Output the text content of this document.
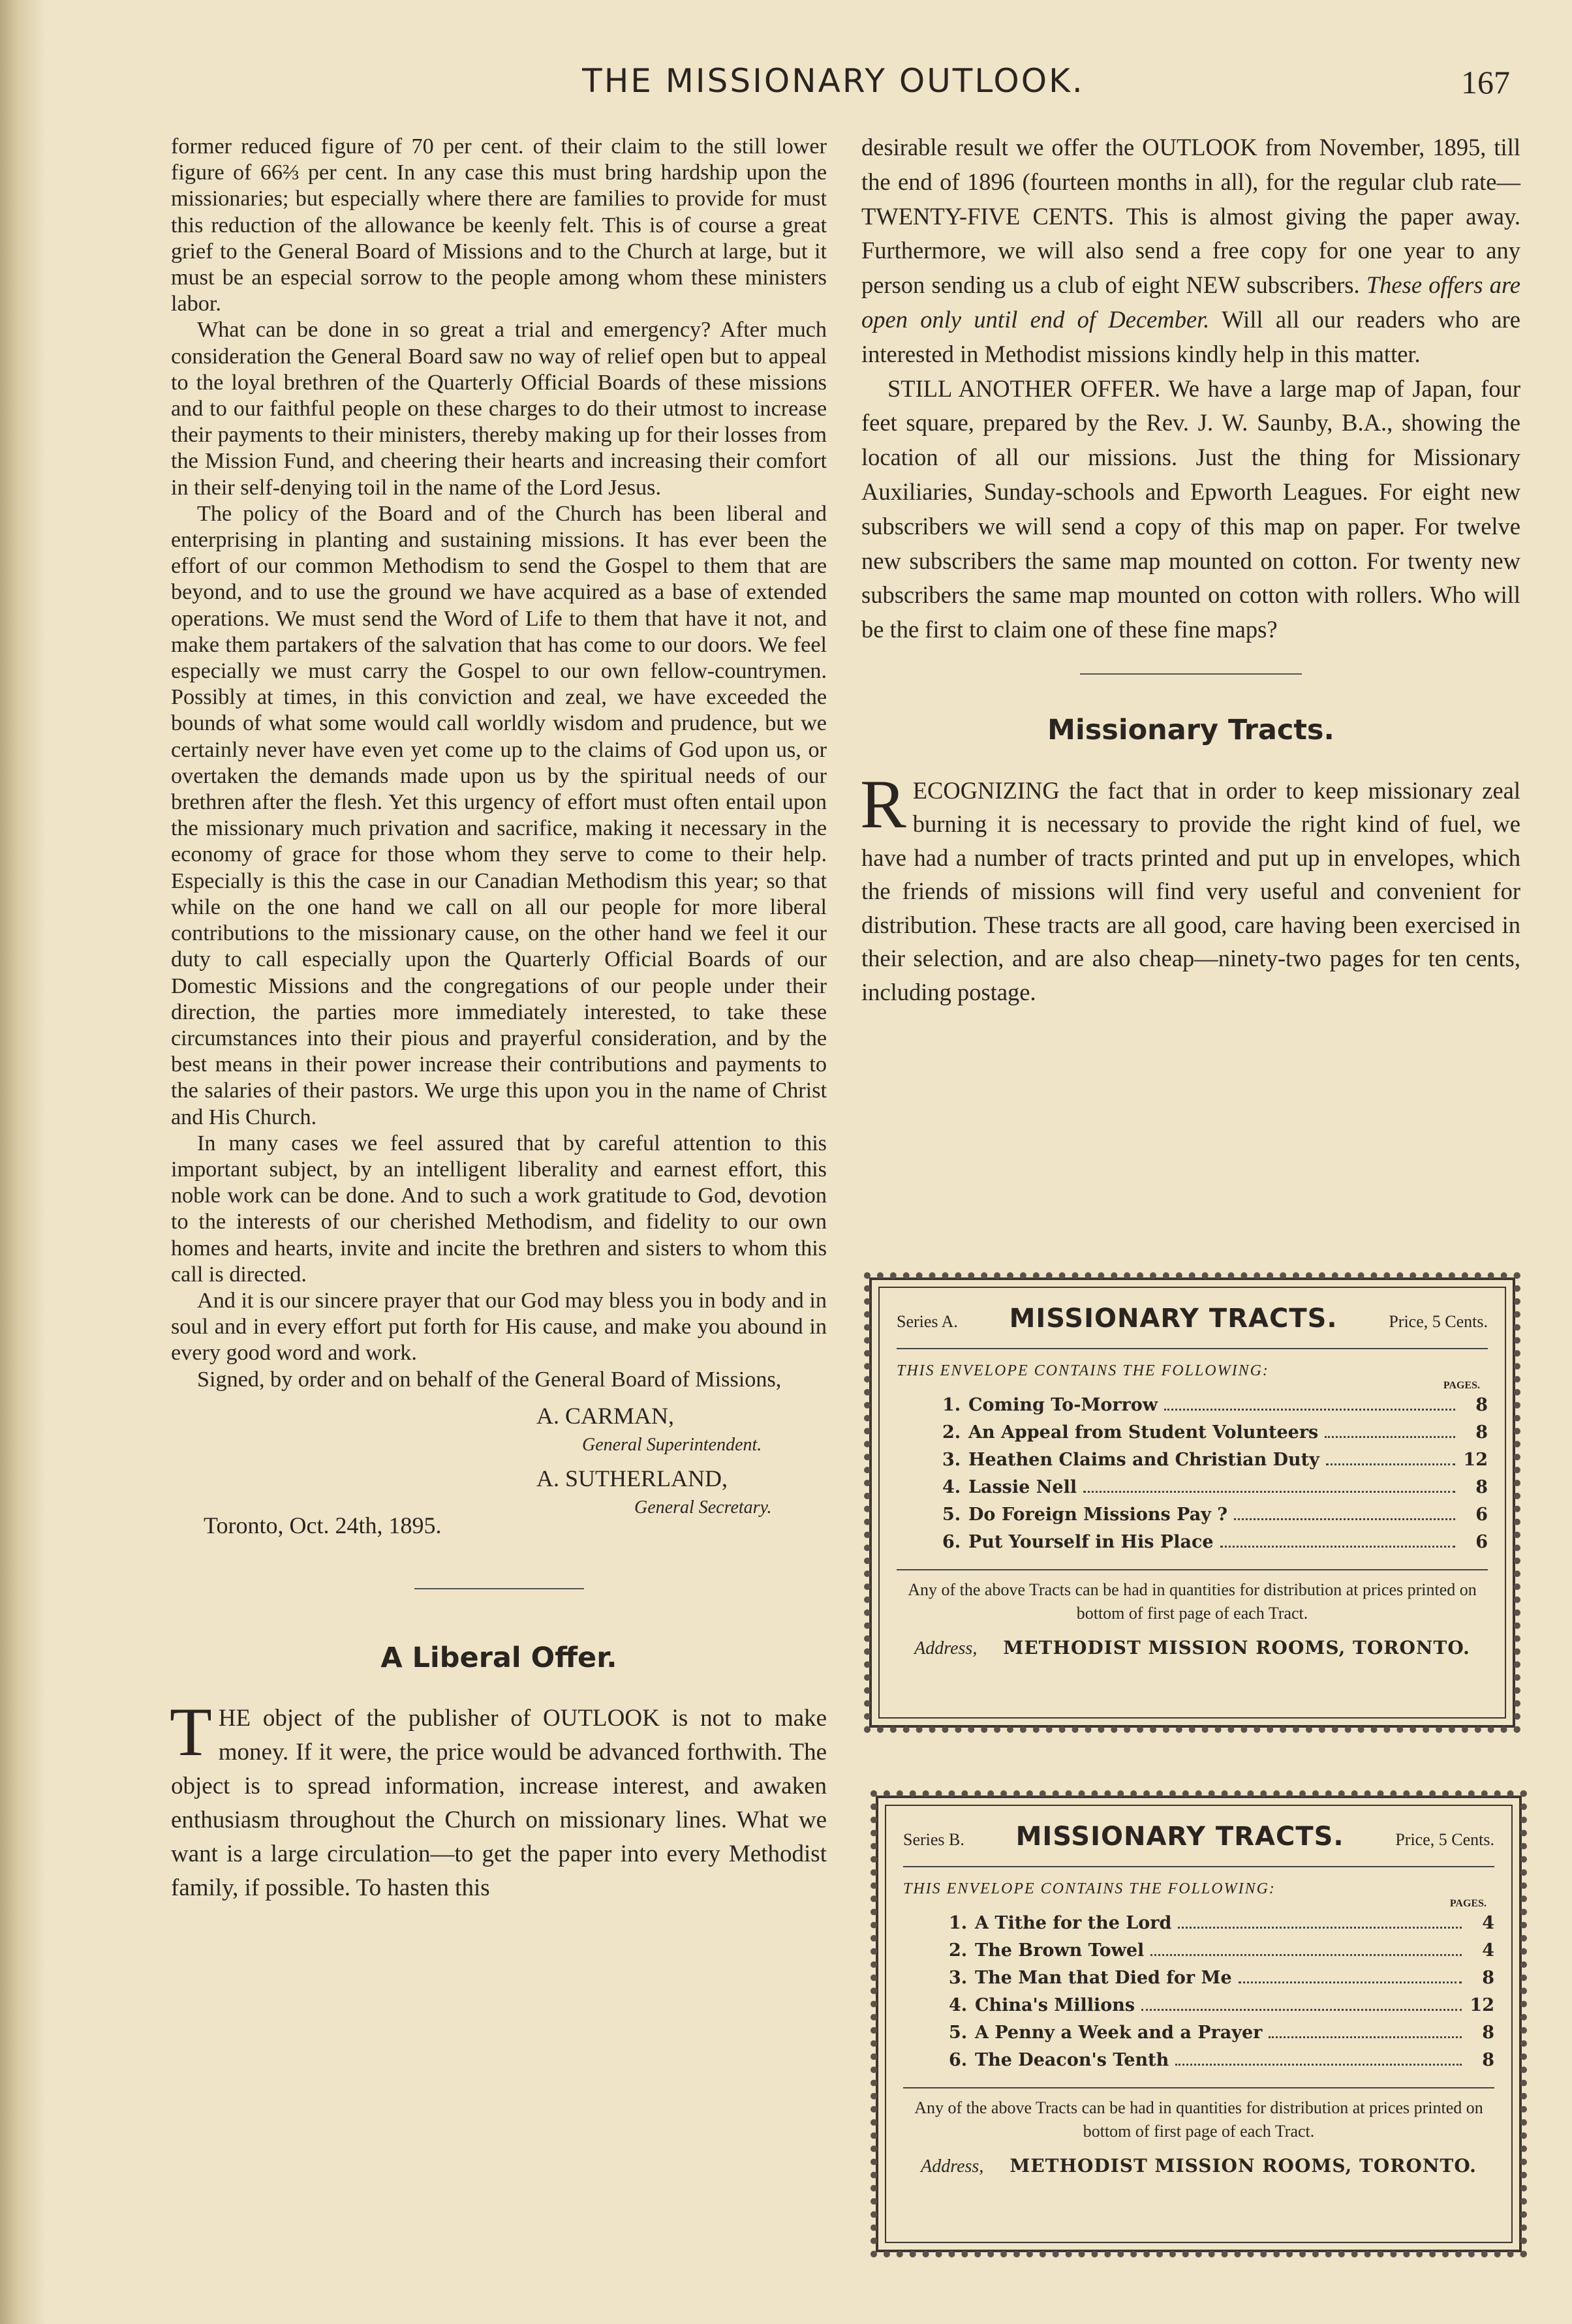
THE MISSIONARY OUTLOOK.	167

former reduced figure of 70 per cent. of their claim to the still lower figure of 66⅔ per cent. In any case this must bring hardship upon the missionaries; but especially where there are families to provide for must this reduction of the allowance be keenly felt. This is of course a great grief to the General Board of Missions and to the Church at large, but it must be an especial sorrow to the people among whom these ministers labor.

What can be done in so great a trial and emergency? After much consideration the General Board saw no way of relief open but to appeal to the loyal brethren of the Quarterly Official Boards of these missions and to our faithful people on these charges to do their utmost to increase their payments to their ministers, thereby making up for their losses from the Mission Fund, and cheering their hearts and increasing their comfort in their self-denying toil in the name of the Lord Jesus.

The policy of the Board and of the Church has been liberal and enterprising in planting and sustaining missions. It has ever been the effort of our common Methodism to send the Gospel to them that are beyond, and to use the ground we have acquired as a base of extended operations. We must send the Word of Life to them that have it not, and make them partakers of the salvation that has come to our doors. We feel especially we must carry the Gospel to our own fellow-countrymen. Possibly at times, in this conviction and zeal, we have exceeded the bounds of what some would call worldly wisdom and prudence, but we certainly never have even yet come up to the claims of God upon us, or overtaken the demands made upon us by the spiritual needs of our brethren after the flesh. Yet this urgency of effort must often entail upon the missionary much privation and sacrifice, making it necessary in the economy of grace for those whom they serve to come to their help. Especially is this the case in our Canadian Methodism this year; so that while on the one hand we call on all our people for more liberal contributions to the missionary cause, on the other hand we feel it our duty to call especially upon the Quarterly Official Boards of our Domestic Missions and the congregations of our people under their direction, the parties more immediately interested, to take these circumstances into their pious and prayerful consideration, and by the best means in their power increase their contributions and payments to the salaries of their pastors. We urge this upon you in the name of Christ and His Church.

In many cases we feel assured that by careful attention to this important subject, by an intelligent liberality and earnest effort, this noble work can be done. And to such a work gratitude to God, devotion to the interests of our cherished Methodism, and fidelity to our own homes and hearts, invite and incite the brethren and sisters to whom this call is directed.

And it is our sincere prayer that our God may bless you in body and in soul and in every effort put forth for His cause, and make you abound in every good word and work.

Signed, by order and on behalf of the General Board of Missions,

A. CARMAN,
General Superintendent.
A. SUTHERLAND,
General Secretary.
Toronto, Oct. 24th, 1895.
A Liberal Offer.
T HE object of the publisher of OUTLOOK is not to make money. If it were, the price would be advanced forthwith. The object is to spread information, increase interest, and awaken enthusiasm throughout the Church on missionary lines. What we want is a large circulation—to get the paper into every Methodist family, if possible. To hasten this

desirable result we offer the OUTLOOK from November, 1895, till the end of 1896 (fourteen months in all), for the regular club rate—TWENTY-FIVE CENTS. This is almost giving the paper away. Furthermore, we will also send a free copy for one year to any person sending us a club of eight NEW subscribers. These offers are open only until end of December. Will all our readers who are interested in Methodist missions kindly help in this matter.

STILL ANOTHER OFFER. We have a large map of Japan, four feet square, prepared by the Rev. J. W. Saunby, B.A., showing the location of all our missions. Just the thing for Missionary Auxiliaries, Sunday-schools and Epworth Leagues. For eight new subscribers we will send a copy of this map on paper. For twelve new subscribers the same map mounted on cotton. For twenty new subscribers the same map mounted on cotton with rollers. Who will be the first to claim one of these fine maps?

Missionary Tracts.
R ECOGNIZING the fact that in order to keep missionary zeal burning it is necessary to provide the right kind of fuel, we have had a number of tracts printed and put up in envelopes, which the friends of missions will find very useful and convenient for distribution. These tracts are all good, care having been exercised in their selection, and are also cheap—ninety-two pages for ten cents, including postage.
Series A. MISSIONARY TRACTS.	Price, 5 Cents.
THIS ENVELOPE CONTAINS THE FOLLOWING:
PAGES.
1. Coming To-Morrow	8
2. An Appeal from Student Volunteers	8
3. Heathen Claims and Christian Duty	12
4. Lassie Nell	8
5. Do Foreign Missions Pay ?	6
6. Put Yourself in His Place	6
Any of the above Tracts can be had in quantities for distribution at prices printed on bottom of first page of each Tract.
Address, METHODIST MISSION ROOMS, TORONTO.
Series B. MISSIONARY TRACTS.	Price, 5 Cents.
THIS ENVELOPE CONTAINS THE FOLLOWING:
PAGES.
1. A Tithe for the Lord	4
2. The Brown Towel	4
3. The Man that Died for Me	8
4. China's Millions	12
5. A Penny a Week and a Prayer	8
6. The Deacon's Tenth	8
Any of the above Tracts can be had in quantities for distribution at prices printed on bottom of first page of each Tract.
Address, METHODIST MISSION ROOMS, TORONTO.
